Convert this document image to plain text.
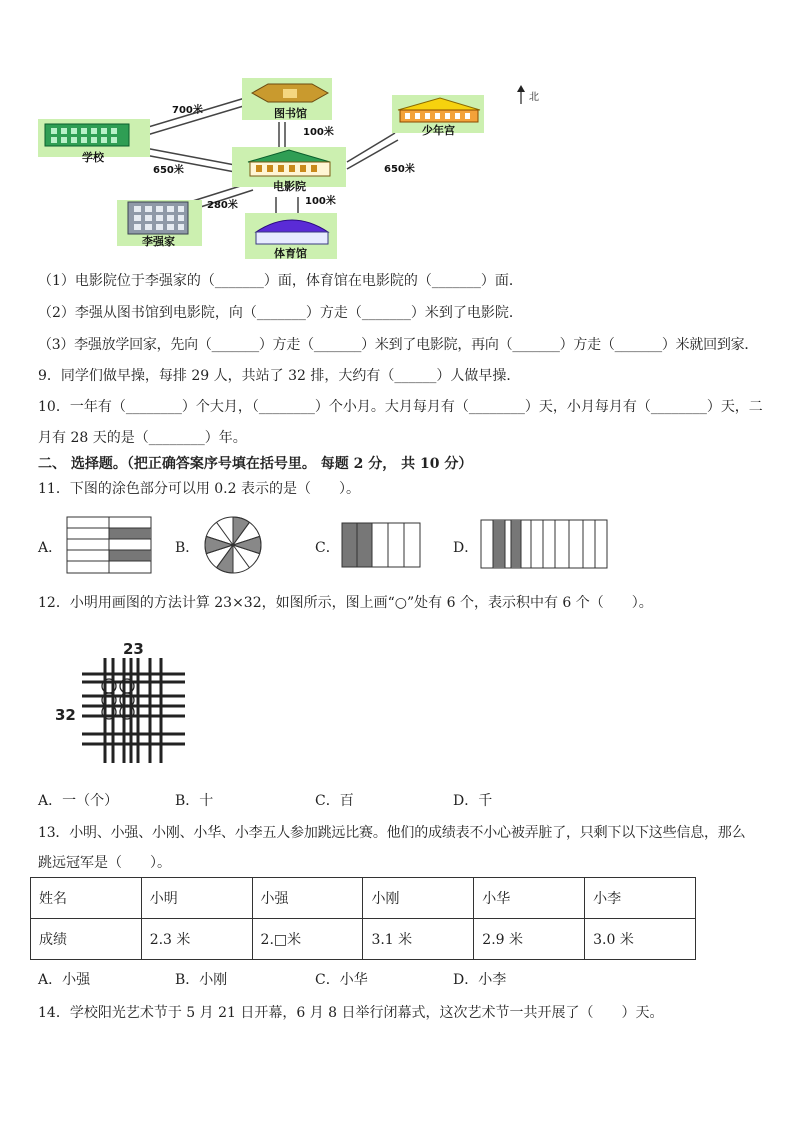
学校
图书馆
少年宫
电影院
李强家
体育馆
700米
100米
650米	650米
280米	100米
北
（1）电影院位于李强家的（_______）面，体育馆在电影院的（_______）面．
（2）李强从图书馆到电影院，向（_______）方走（_______）米到了电影院．
（3）李强放学回家，先向（_______）方走（_______）米到了电影院，再向（_______）方走（_______）米就回到家．
9．同学们做早操，每排 29 人，共站了 32 排，大约有（______）人做早操．
10．一年有（________）个大月，（________）个小月。大月每月有（________）天，小月每月有（________）天，二
月有 28 天的是（________）年。
二、 选择题。（把正确答案序号填在括号里。 每题 2 分， 共 10 分）
11．下图的涂色部分可以用 0.2 表示的是（　　）。
A．	B．	C．	D．
12．小明用画图的方法计算 23×32，如图所示，图上画“○”处有 6 个，表示积中有 6 个（　　）。
23
32
A．一（个）	B．十	C．百	D．千
13．小明、小强、小刚、小华、小李五人参加跳远比赛。他们的成绩表不小心被弄脏了，只剩下以下这些信息，那么
跳远冠军是（　　）。
姓名	小明	小强	小刚	小华	小李
成绩	2.3 米	2.□米	3.1 米	2.9 米	3.0 米
A．小强	B．小刚	C．小华	D．小李
14．学校阳光艺术节于 5 月 21 日开幕，6 月 8 日举行闭幕式，这次艺术节一共开展了（　　）天。
